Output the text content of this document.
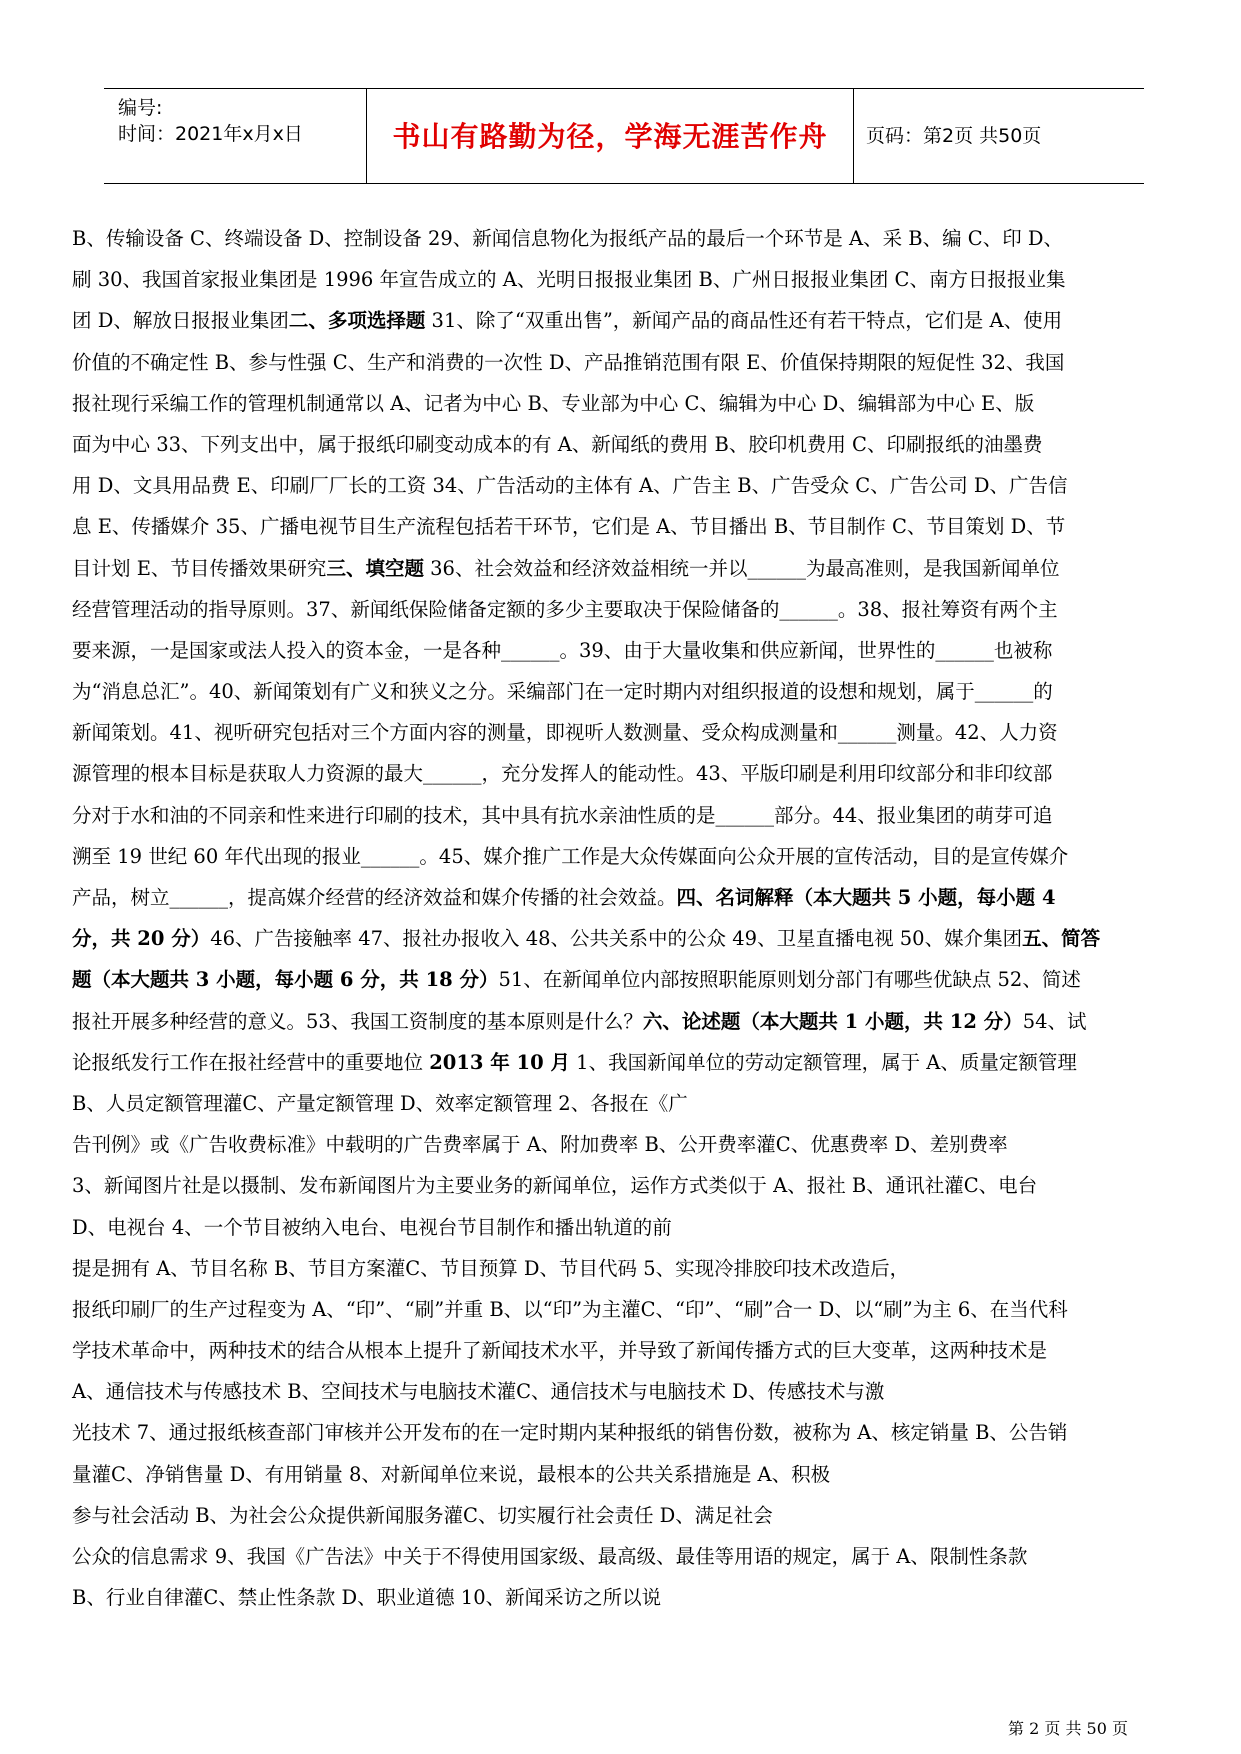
编号:
时间：2021年x月x日	书山有路勤为径，学海无涯苦作舟	页码：第2页 共50页
B、传输设备 C、终端设备 D、控制设备 29、新闻信息物化为报纸产品的最后一个环节是 A、采 B、编 C、印 D、
刷 30、我国首家报业集团是 1996 年宣告成立的 A、光明日报报业集团 B、广州日报报业集团 C、南方日报报业集
团 D、解放日报报业集团二、多项选择题 31、除了“双重出售”，新闻产品的商品性还有若干特点，它们是 A、使用
价值的不确定性 B、参与性强 C、生产和消费的一次性 D、产品推销范围有限 E、价值保持期限的短促性 32、我国
报社现行采编工作的管理机制通常以 A、记者为中心 B、专业部为中心 C、编辑为中心 D、编辑部为中心 E、版
面为中心 33、下列支出中，属于报纸印刷变动成本的有 A、新闻纸的费用 B、胶印机费用 C、印刷报纸的油墨费
用 D、文具用品费 E、印刷厂厂长的工资 34、广告活动的主体有 A、广告主 B、广告受众 C、广告公司 D、广告信
息 E、传播媒介 35、广播电视节目生产流程包括若干环节，它们是 A、节目播出 B、节目制作 C、节目策划 D、节
目计划 E、节目传播效果研究三、填空题 36、社会效益和经济效益相统一并以______为最高准则，是我国新闻单位
经营管理活动的指导原则。37、新闻纸保险储备定额的多少主要取决于保险储备的______。38、报社筹资有两个主
要来源，一是国家或法人投入的资本金，一是各种______。39、由于大量收集和供应新闻，世界性的______也被称
为“消息总汇”。40、新闻策划有广义和狭义之分。采编部门在一定时期内对组织报道的设想和规划，属于______的
新闻策划。41、视听研究包括对三个方面内容的测量，即视听人数测量、受众构成测量和______测量。42、人力资
源管理的根本目标是获取人力资源的最大______，充分发挥人的能动性。43、平版印刷是利用印纹部分和非印纹部
分对于水和油的不同亲和性来进行印刷的技术，其中具有抗水亲油性质的是______部分。44、报业集团的萌芽可追
溯至 19 世纪 60 年代出现的报业______。45、媒介推广工作是大众传媒面向公众开展的宣传活动，目的是宣传媒介
产品，树立______，提高媒介经营的经济效益和媒介传播的社会效益。四、名词解释（本大题共 5 小题，每小题 4
分，共 20 分）46、广告接触率 47、报社办报收入 48、公共关系中的公众 49、卫星直播电视 50、媒介集团五、简答
题（本大题共 3 小题，每小题 6 分，共 18 分）51、在新闻单位内部按照职能原则划分部门有哪些优缺点 52、简述
报社开展多种经营的意义。53、我国工资制度的基本原则是什么？六、论述题（本大题共 1 小题，共 12 分）54、试
论报纸发行工作在报社经营中的重要地位 2013 年 10 月 1、我国新闻单位的劳动定额管理，属于 A、质量定额管理
B、人员定额管理灌C、产量定额管理 D、效率定额管理 2、各报在《广
告刊例》或《广告收费标准》中载明的广告费率属于 A、附加费率 B、公开费率灌C、优惠费率 D、差别费率
3、新闻图片社是以摄制、发布新闻图片为主要业务的新闻单位，运作方式类似于 A、报社 B、通讯社灌C、电台
D、电视台 4、一个节目被纳入电台、电视台节目制作和播出轨道的前
提是拥有 A、节目名称 B、节目方案灌C、节目预算 D、节目代码 5、实现冷排胶印技术改造后，
报纸印刷厂的生产过程变为 A、“印”、“刷”并重 B、以“印”为主灌C、“印”、“刷”合一 D、以“刷”为主 6、在当代科
学技术革命中，两种技术的结合从根本上提升了新闻技术水平，并导致了新闻传播方式的巨大变革，这两种技术是
A、通信技术与传感技术 B、空间技术与电脑技术灌C、通信技术与电脑技术 D、传感技术与激
光技术 7、通过报纸核查部门审核并公开发布的在一定时期内某种报纸的销售份数，被称为 A、核定销量 B、公告销
量灌C、净销售量 D、有用销量 8、对新闻单位来说，最根本的公共关系措施是 A、积极
参与社会活动 B、为社会公众提供新闻服务灌C、切实履行社会责任 D、满足社会
公众的信息需求 9、我国《广告法》中关于不得使用国家级、最高级、最佳等用语的规定，属于 A、限制性条款
B、行业自律灌C、禁止性条款 D、职业道德 10、新闻采访之所以说
第 2 页 共 50 页
